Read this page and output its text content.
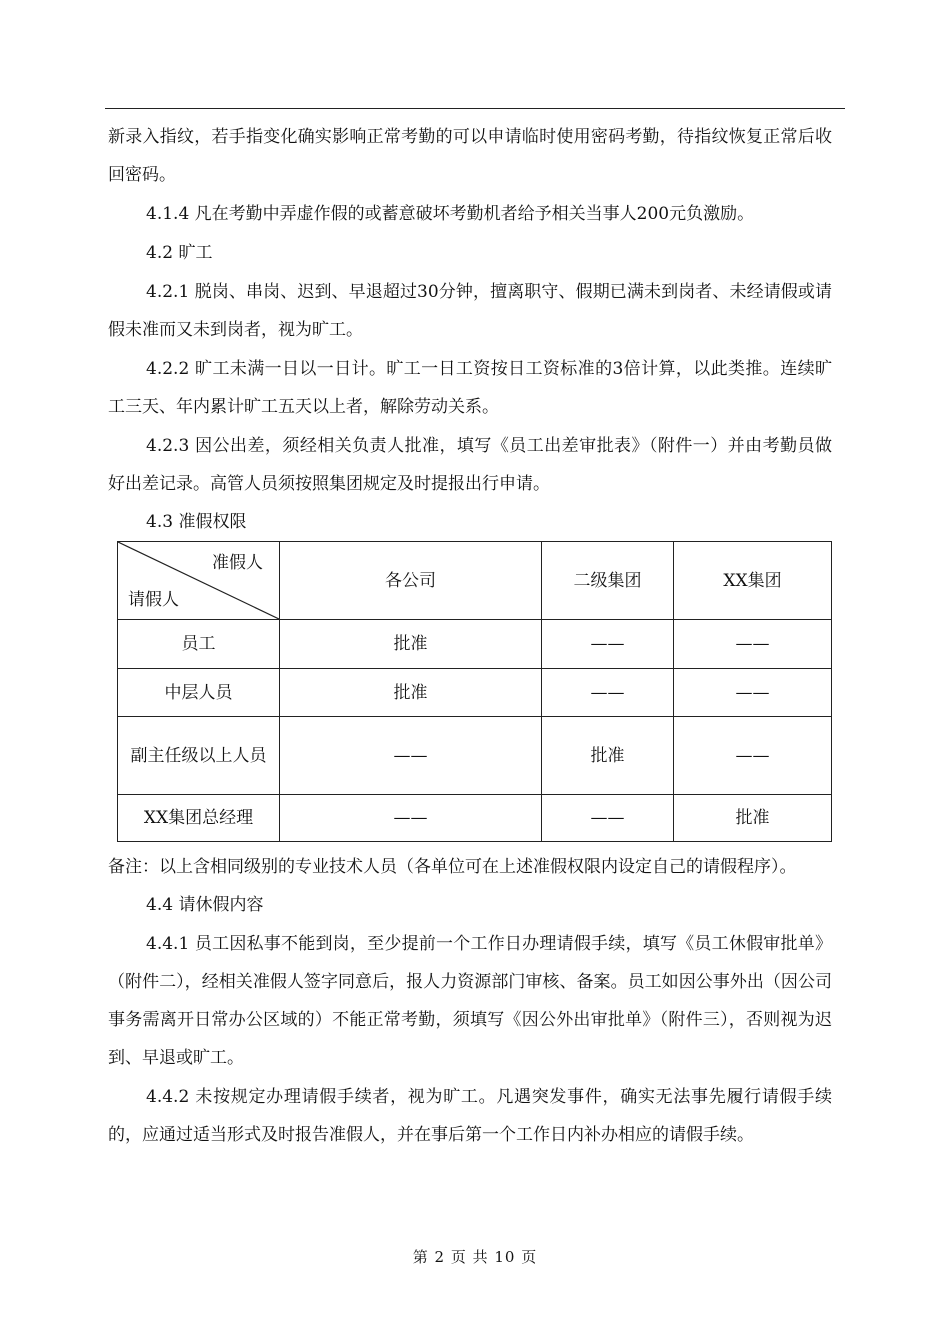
新录入指纹，若手指变化确实影响正常考勤的可以申请临时使用密码考勤，待指纹恢复正常后收回密码。

4.1.4 凡在考勤中弄虚作假的或蓄意破坏考勤机者给予相关当事人200元负激励。

4.2 旷工

4.2.1 脱岗、串岗、迟到、早退超过30分钟，擅离职守、假期已满未到岗者、未经请假或请假未准而又未到岗者，视为旷工。

4.2.2 旷工未满一日以一日计。旷工一日工资按日工资标准的3倍计算，以此类推。连续旷工三天、年内累计旷工五天以上者，解除劳动关系。

4.2.3 因公出差，须经相关负责人批准，填写《员工出差审批表》（附件一）并由考勤员做好出差记录。高管人员须按照集团规定及时提报出行申请。

4.3 准假权限

准假人
请假人	各公司	二级集团	XX集团
员工	批准	——	——
中层人员	批准	——	——
副主任级以上人员	——	批准	——
XX集团总经理	——	——	批准

备注：以上含相同级别的专业技术人员（各单位可在上述准假权限内设定自己的请假程序）。

4.4 请休假内容

4.4.1 员工因私事不能到岗，至少提前一个工作日办理请假手续，填写《员工休假审批单》（附件二），经相关准假人签字同意后，报人力资源部门审核、备案。员工如因公事外出（因公司事务需离开日常办公区域的）不能正常考勤，须填写《因公外出审批单》（附件三），否则视为迟到、早退或旷工。

4.4.2 未按规定办理请假手续者，视为旷工。凡遇突发事件，确实无法事先履行请假手续的，应通过适当形式及时报告准假人，并在事后第一个工作日内补办相应的请假手续。

第 2 页 共 10 页
